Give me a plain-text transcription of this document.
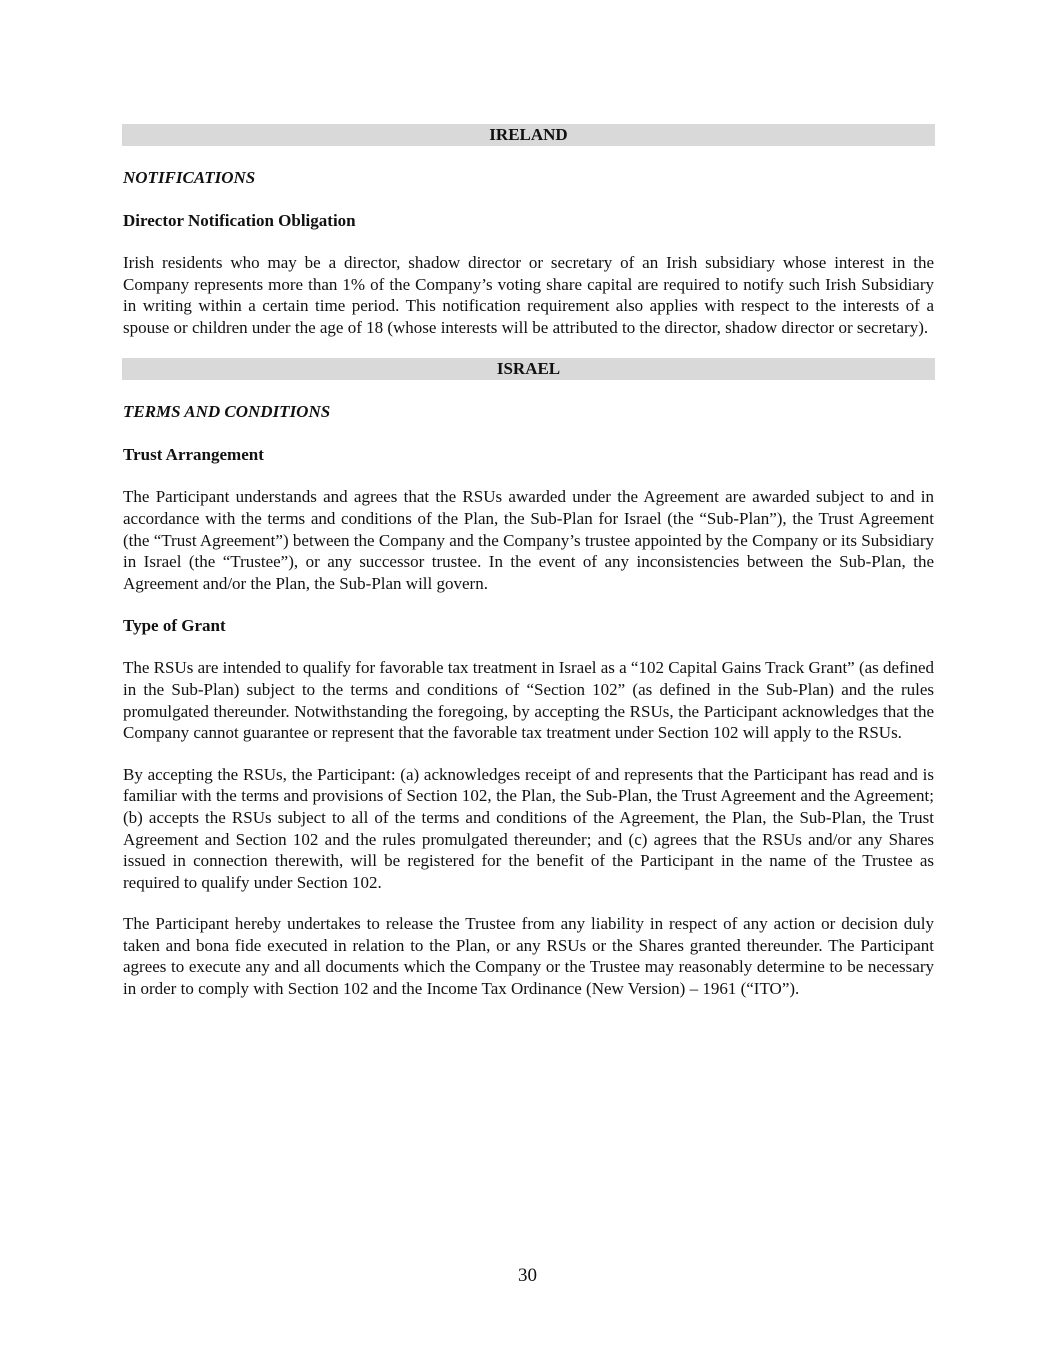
IRELAND
NOTIFICATIONS
Director Notification Obligation
Irish residents who may be a director, shadow director or secretary of an Irish subsidiary whose interest in the Company represents more than 1% of the Company’s voting share capital are required to notify such Irish Subsidiary in writing within a certain time period. This notification requirement also applies with respect to the interests of a spouse or children under the age of 18 (whose interests will be attributed to the director, shadow director or secretary).
ISRAEL
TERMS AND CONDITIONS
Trust Arrangement
The Participant understands and agrees that the RSUs awarded under the Agreement are awarded subject to and in accordance with the terms and conditions of the Plan, the Sub-Plan for Israel (the “Sub-Plan”), the Trust Agreement (the “Trust Agreement”) between the Company and the Company’s trustee appointed by the Company or its Subsidiary in Israel (the “Trustee”), or any successor trustee. In the event of any inconsistencies between the Sub-Plan, the Agreement and/or the Plan, the Sub-Plan will govern.
Type of Grant
The RSUs are intended to qualify for favorable tax treatment in Israel as a “102 Capital Gains Track Grant” (as defined in the Sub-Plan) subject to the terms and conditions of “Section 102” (as defined in the Sub-Plan) and the rules promulgated thereunder. Notwithstanding the foregoing, by accepting the RSUs, the Participant acknowledges that the Company cannot guarantee or represent that the favorable tax treatment under Section 102 will apply to the RSUs.
By accepting the RSUs, the Participant: (a) acknowledges receipt of and represents that the Participant has read and is familiar with the terms and provisions of Section 102, the Plan, the Sub-Plan, the Trust Agreement and the Agreement; (b) accepts the RSUs subject to all of the terms and conditions of the Agreement, the Plan, the Sub-Plan, the Trust Agreement and Section 102 and the rules promulgated thereunder; and (c) agrees that the RSUs and/or any Shares issued in connection therewith, will be registered for the benefit of the Participant in the name of the Trustee as required to qualify under Section 102.
The Participant hereby undertakes to release the Trustee from any liability in respect of any action or decision duly taken and bona fide executed in relation to the Plan, or any RSUs or the Shares granted thereunder. The Participant agrees to execute any and all documents which the Company or the Trustee may reasonably determine to be necessary in order to comply with Section 102 and the Income Tax Ordinance (New Version) – 1961 (“ITO”).
30
